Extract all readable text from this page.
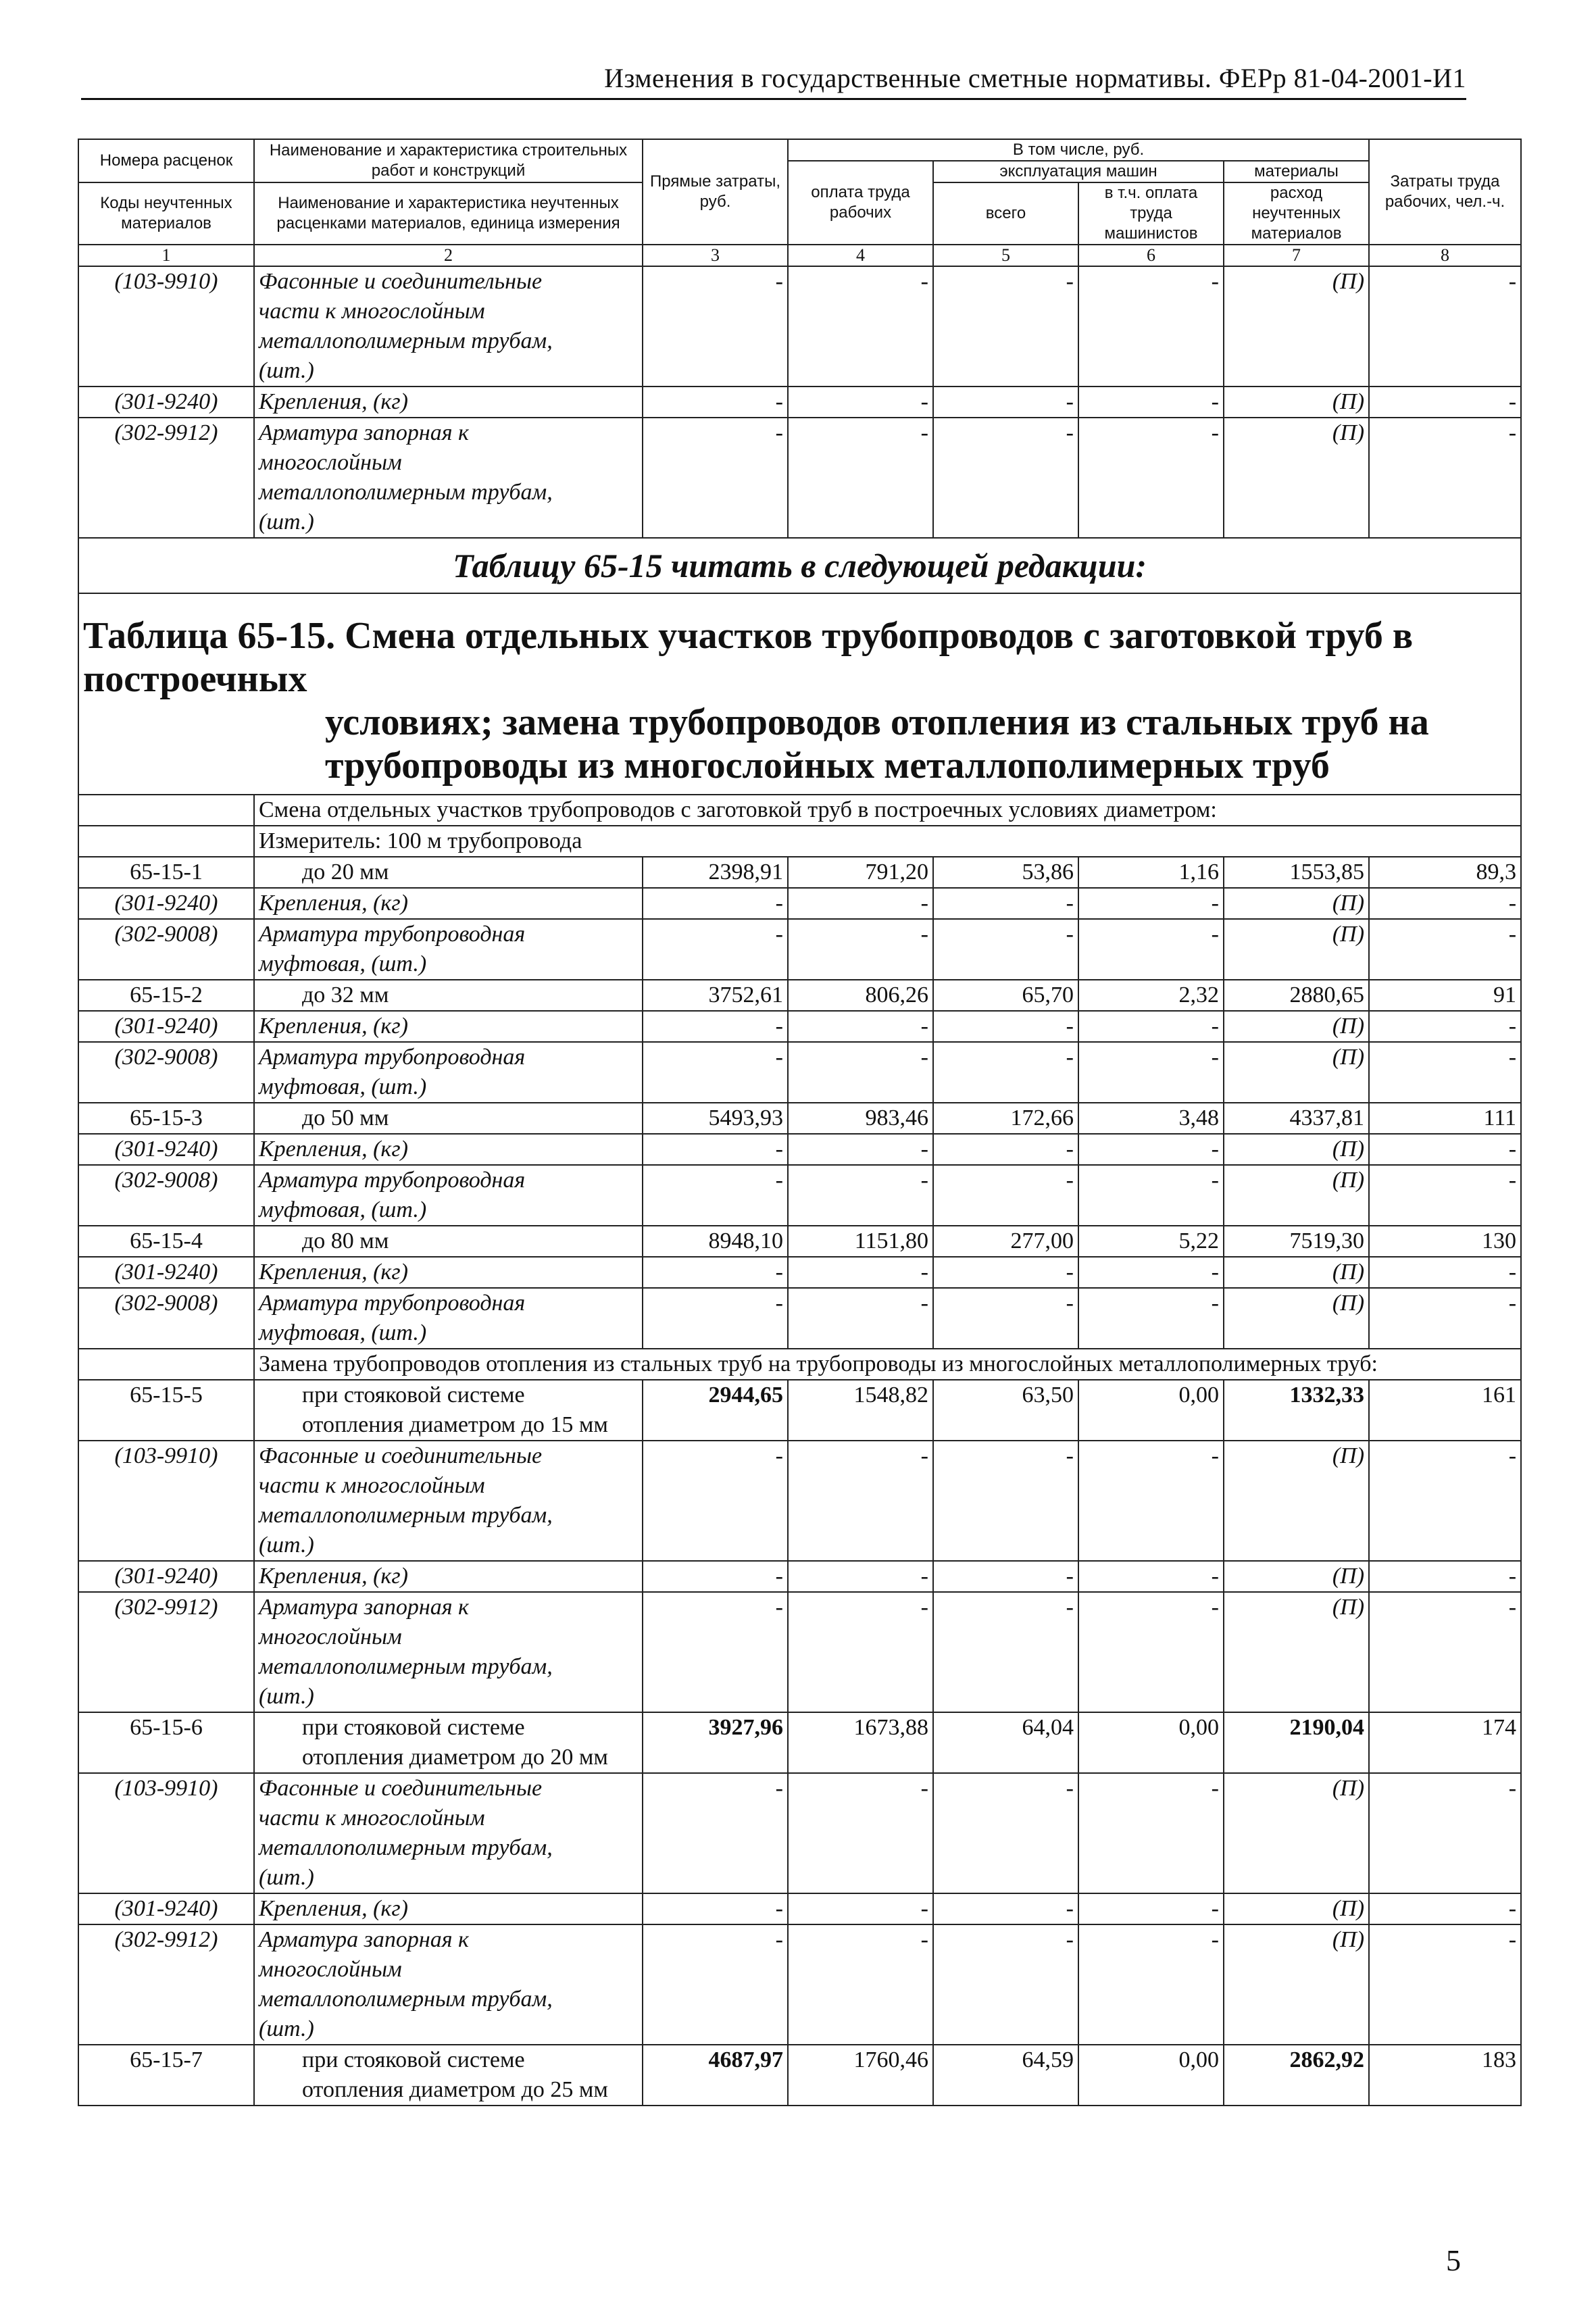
Изменения в государственные сметные нормативы. ФЕРр 81-04-2001-И1
Номера расценок	Наименование и характеристика строительных работ и конструкций	Прямые затраты, руб.	В том числе, руб.				Затраты труда рабочих, чел.-ч.
			оплата труда рабочих	эксплуатация машин		материалы	
Коды неучтенных материалов	Наименование и характеристика неучтенных расценками материалов, единица измерения			всего	в т.ч. оплата труда машинистов	расход неучтенных материалов	

1	2	3	4	5	6	7	8
(103-9910)	Фасонные и соединительные
части к многослойным
металлополимерным трубам,
(шт.)	-	-	-	-	(П)	-
(301-9240)	Крепления, (кг)	-	-	-	-	(П)	-
(302-9912)	Арматура запорная к
многослойным
металлополимерным трубам,
(шт.)	-	-	-	-	(П)	-
Таблицу 65-15 читать в следующей редакции:							

Таблица 65-15. Смена отдельных участков трубопроводов с заготовкой труб в построечных
условиях; замена трубопроводов отопления из стальных труб на
трубопроводы из многослойных металлополимерных труб							

	Смена отдельных участков трубопроводов с заготовкой труб в построечных условиях диаметром:						
	Измеритель: 100 м трубопровода						
65-15-1	до 20 мм	2398,91	791,20	53,86	1,16	1553,85	89,3
(301-9240)	Крепления, (кг)	-	-	-	-	(П)	-
(302-9008)	Арматура трубопроводная
муфтовая, (шт.)	-	-	-	-	(П)	-
65-15-2	до 32 мм	3752,61	806,26	65,70	2,32	2880,65	91
(301-9240)	Крепления, (кг)	-	-	-	-	(П)	-
(302-9008)	Арматура трубопроводная
муфтовая, (шт.)	-	-	-	-	(П)	-
65-15-3	до 50 мм	5493,93	983,46	172,66	3,48	4337,81	111
(301-9240)	Крепления, (кг)	-	-	-	-	(П)	-
(302-9008)	Арматура трубопроводная
муфтовая, (шт.)	-	-	-	-	(П)	-
65-15-4	до 80 мм	8948,10	1151,80	277,00	5,22	7519,30	130
(301-9240)	Крепления, (кг)	-	-	-	-	(П)	-
(302-9008)	Арматура трубопроводная
муфтовая, (шт.)	-	-	-	-	(П)	-
	Замена трубопроводов отопления из стальных труб на трубопроводы из многослойных металлополимерных труб:						
65-15-5	при стояковой системе
отопления диаметром до 15 мм	2944,65	1548,82	63,50	0,00	1332,33	161
(103-9910)	Фасонные и соединительные
части к многослойным
металлополимерным трубам,
(шт.)	-	-	-	-	(П)	-
(301-9240)	Крепления, (кг)	-	-	-	-	(П)	-
(302-9912)	Арматура запорная к
многослойным
металлополимерным трубам,
(шт.)	-	-	-	-	(П)	-
65-15-6	при стояковой системе
отопления диаметром до 20 мм	3927,96	1673,88	64,04	0,00	2190,04	174
(103-9910)	Фасонные и соединительные
части к многослойным
металлополимерным трубам,
(шт.)	-	-	-	-	(П)	-
(301-9240)	Крепления, (кг)	-	-	-	-	(П)	-
(302-9912)	Арматура запорная к
многослойным
металлополимерным трубам,
(шт.)	-	-	-	-	(П)	-
65-15-7	при стояковой системе
отопления диаметром до 25 мм	4687,97	1760,46	64,59	0,00	2862,92	183
5
